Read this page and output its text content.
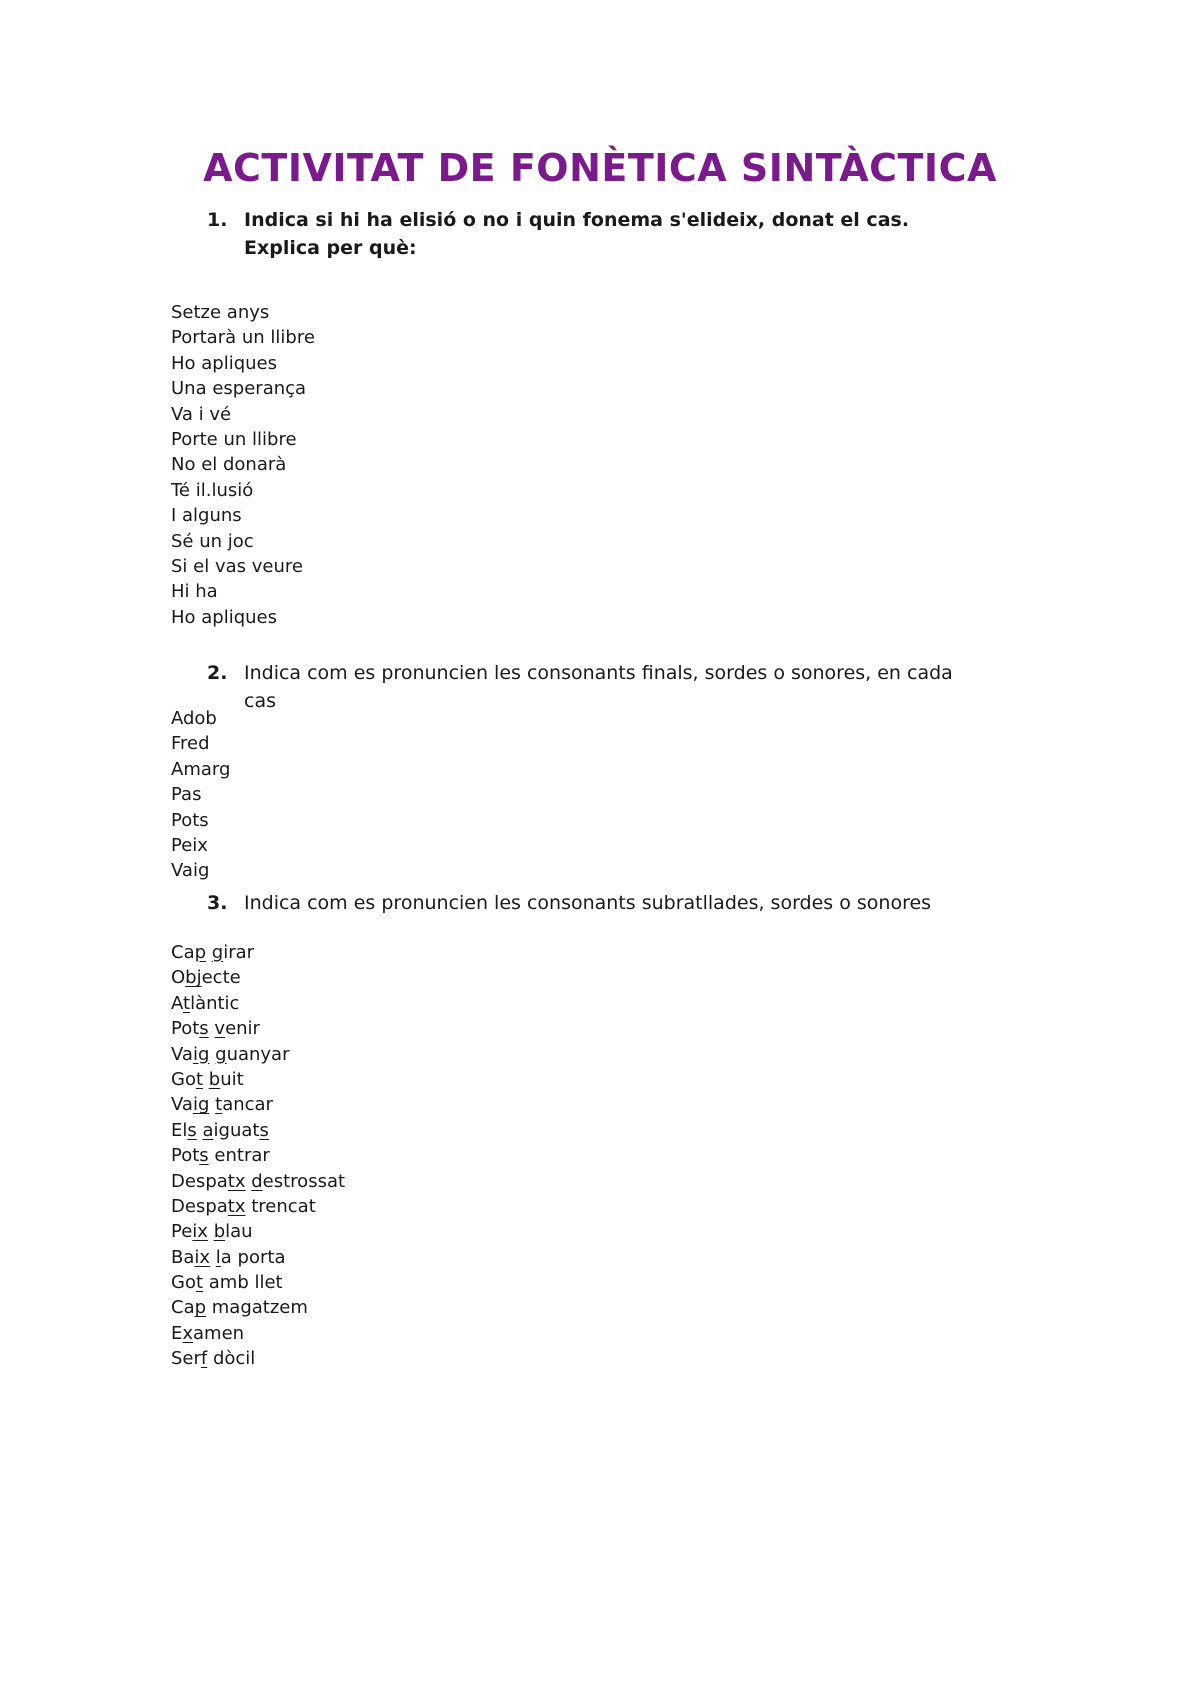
ACTIVITAT DE FONÈTICA SINTÀCTICA
1. Indica si hi ha elisió o no i quin fonema s'elideix, donat el cas. Explica per què:
Setze anys
Portarà un llibre
Ho apliques
Una esperança
Va i vé
Porte un llibre
No el donarà
Té il.lusió
I alguns
Sé un joc
Si el vas veure
Hi ha
Ho apliques
2. Indica com es pronuncien les consonants finals, sordes o sonores, en cada cas
Adob
Fred
Amarg
Pas
Pots
Peix
Vaig
3. Indica com es pronuncien les consonants subratllades, sordes o sonores
Cap girar
Objecte
Atlàntic
Pots venir
Vaig guanyar
Got buit
Vaig tancar
Els aiguats
Pots entrar
Despatx destrossat
Despatx trencat
Peix blau
Baix la porta
Got amb llet
Cap magatzem
Examen
Serf dòcil
